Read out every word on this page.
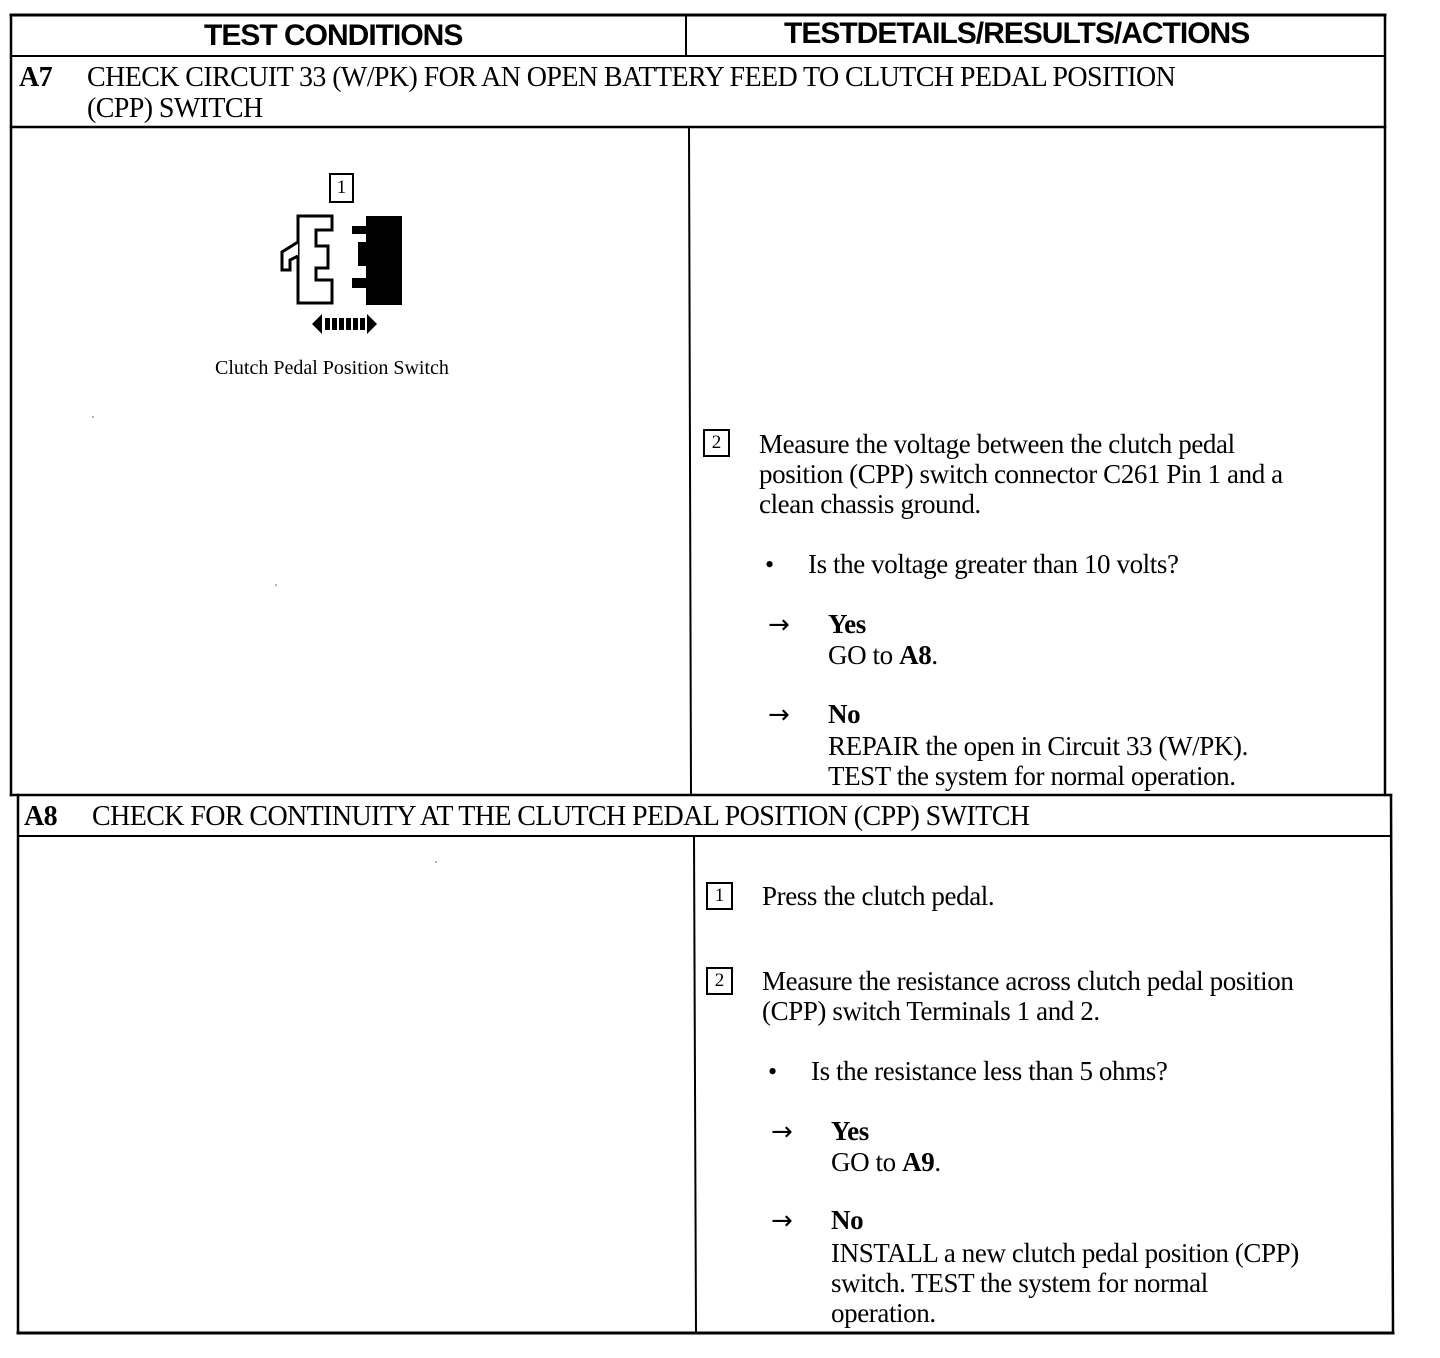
TEST CONDITIONS	TESTDETAILS/RESULTS/ACTIONS
A7 CHECK CIRCUIT 33 (W/PK) FOR AN OPEN BATTERY FEED TO CLUTCH PEDAL POSITION
(CPP) SWITCH
1
Clutch Pedal Position Switch
2	Measure the voltage between the clutch pedal
position (CPP) switch connector C261 Pin 1 and a
clean chassis ground.
• Is the voltage greater than 10 volts?
→ Yes
GO to A8.
→ No
REPAIR the open in Circuit 33 (W/PK).
TEST the system for normal operation.
A8 CHECK FOR CONTINUITY AT THE CLUTCH PEDAL POSITION (CPP) SWITCH
1	Press the clutch pedal.
2	Measure the resistance across clutch pedal position
(CPP) switch Terminals 1 and 2.
• Is the resistance less than 5 ohms?
→ Yes
GO to A9.
→ No
INSTALL a new clutch pedal position (CPP)
switch. TEST the system for normal
operation.
